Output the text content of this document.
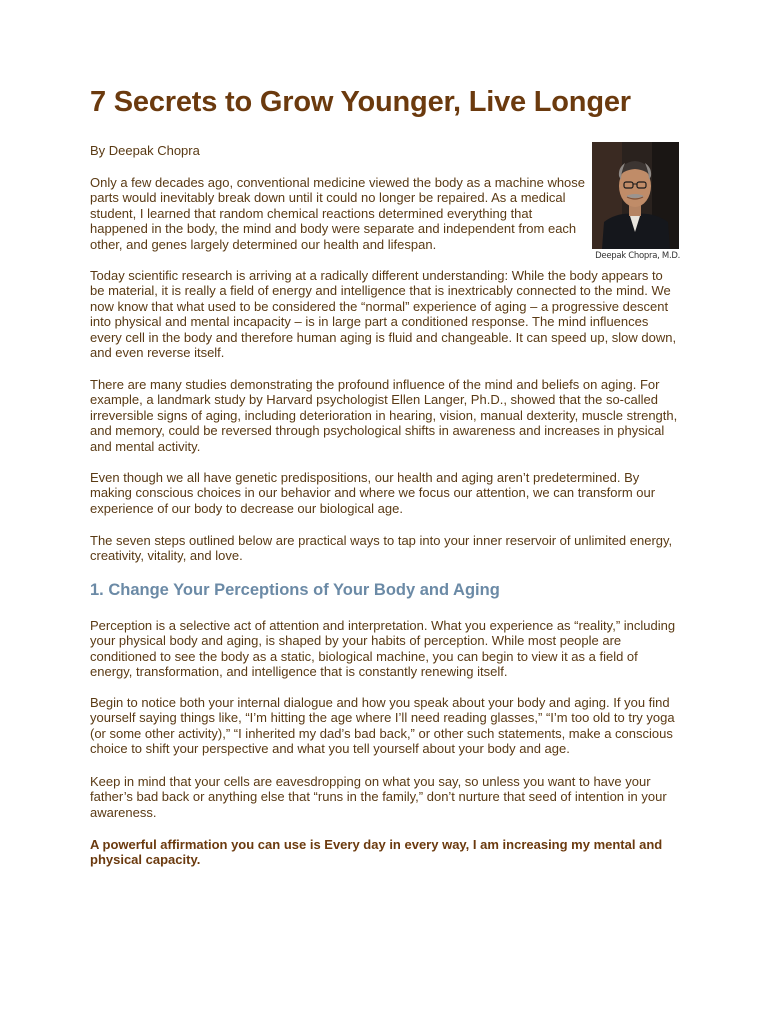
7 Secrets to Grow Younger, Live Longer
By Deepak Chopra

Only a few decades ago, conventional medicine viewed the body as a machine whose parts would inevitably break down until it could no longer be repaired. As a medical student, I learned that random chemical reactions determined everything that happened in the body, the mind and body were separate and independent from each other, and genes largely determined our health and lifespan.

Today scientific research is arriving at a radically different understanding: While the body appears to be material, it is really a field of energy and intelligence that is inextricably connected to the mind. We now know that what used to be considered the “normal” experience of aging – a progressive descent into physical and mental incapacity – is in large part a conditioned response. The mind influences every cell in the body and therefore human aging is fluid and changeable. It can speed up, slow down, and even reverse itself.

There are many studies demonstrating the profound influence of the mind and beliefs on aging. For example, a landmark study by Harvard psychologist Ellen Langer, Ph.D., showed that the so-called irreversible signs of aging, including deterioration in hearing, vision, manual dexterity, muscle strength, and memory, could be reversed through psychological shifts in awareness and increases in physical and mental activity.

Even though we all have genetic predispositions, our health and aging aren’t predetermined. By making conscious choices in our behavior and where we focus our attention, we can transform our experience of our body to decrease our biological age.

The seven steps outlined below are practical ways to tap into your inner reservoir of unlimited energy, creativity, vitality, and love.

1. Change Your Perceptions of Your Body and Aging

Perception is a selective act of attention and interpretation. What you experience as “reality,” including your physical body and aging, is shaped by your habits of perception. While most people are conditioned to see the body as a static, biological machine, you can begin to view it as a field of energy, transformation, and intelligence that is constantly renewing itself.

Begin to notice both your internal dialogue and how you speak about your body and aging. If you find yourself saying things like, “I’m hitting the age where I’ll need reading glasses,” “I’m too old to try yoga (or some other activity),” “I inherited my dad’s bad back,” or other such statements, make a conscious choice to shift your perspective and what you tell yourself about your body and age.

Keep in mind that your cells are eavesdropping on what you say, so unless you want to have your father’s bad back or anything else that “runs in the family,” don’t nurture that seed of intention in your awareness.

A powerful affirmation you can use is Every day in every way, I am increasing my mental and physical capacity.

Deepak Chopra, M.D.
